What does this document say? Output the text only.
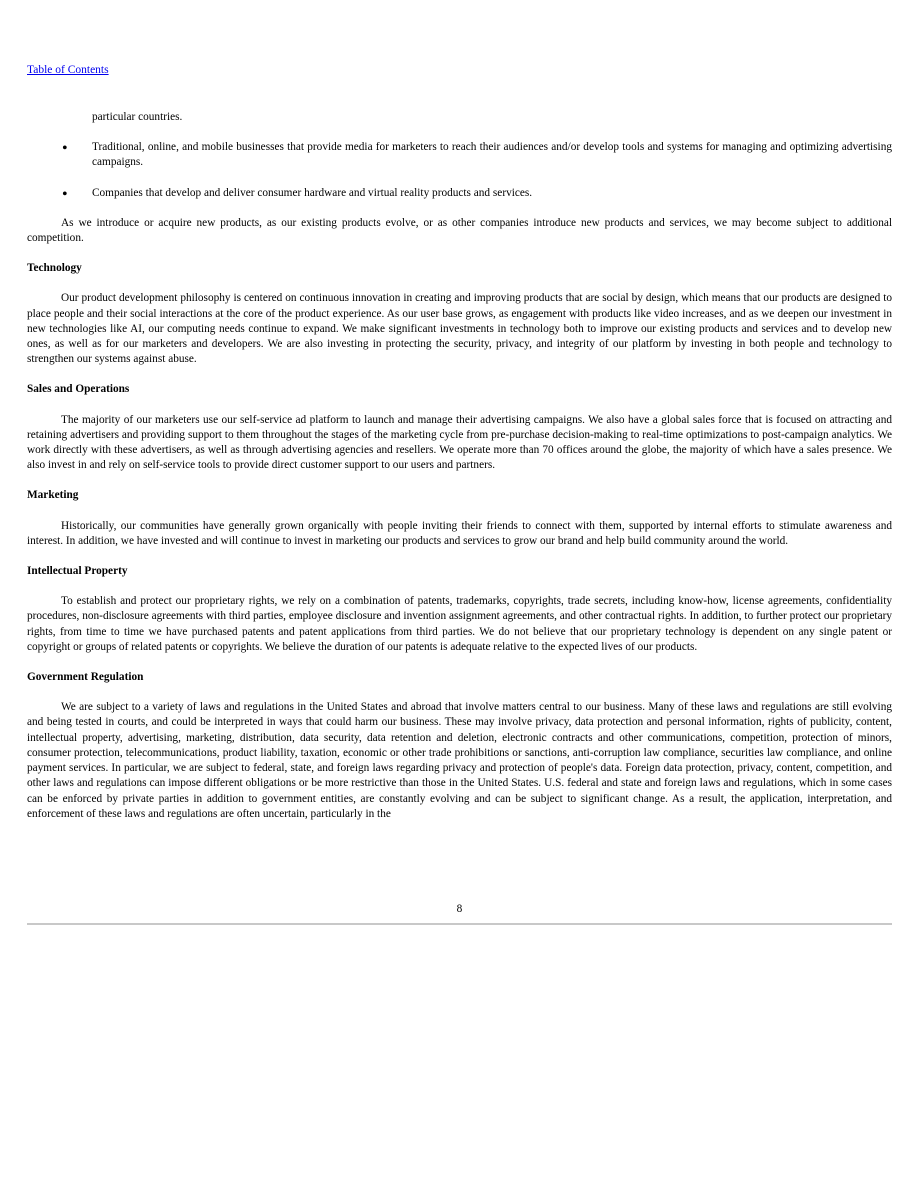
Table of Contents

particular countries.

• Traditional, online, and mobile businesses that provide media for marketers to reach their audiences and/or develop tools and systems for managing and optimizing advertising campaigns.

• Companies that develop and deliver consumer hardware and virtual reality products and services.

As we introduce or acquire new products, as our existing products evolve, or as other companies introduce new products and services, we may become subject to additional competition.

Technology

Our product development philosophy is centered on continuous innovation in creating and improving products that are social by design, which means that our products are designed to place people and their social interactions at the core of the product experience. As our user base grows, as engagement with products like video increases, and as we deepen our investment in new technologies like AI, our computing needs continue to expand. We make significant investments in technology both to improve our existing products and services and to develop new ones, as well as for our marketers and developers. We are also investing in protecting the security, privacy, and integrity of our platform by investing in both people and technology to strengthen our systems against abuse.

Sales and Operations

The majority of our marketers use our self-service ad platform to launch and manage their advertising campaigns. We also have a global sales force that is focused on attracting and retaining advertisers and providing support to them throughout the stages of the marketing cycle from pre-purchase decision-making to real-time optimizations to post-campaign analytics. We work directly with these advertisers, as well as through advertising agencies and resellers. We operate more than 70 offices around the globe, the majority of which have a sales presence. We also invest in and rely on self-service tools to provide direct customer support to our users and partners.

Marketing

Historically, our communities have generally grown organically with people inviting their friends to connect with them, supported by internal efforts to stimulate awareness and interest. In addition, we have invested and will continue to invest in marketing our products and services to grow our brand and help build community around the world.

Intellectual Property

To establish and protect our proprietary rights, we rely on a combination of patents, trademarks, copyrights, trade secrets, including know-how, license agreements, confidentiality procedures, non-disclosure agreements with third parties, employee disclosure and invention assignment agreements, and other contractual rights. In addition, to further protect our proprietary rights, from time to time we have purchased patents and patent applications from third parties. We do not believe that our proprietary technology is dependent on any single patent or copyright or groups of related patents or copyrights. We believe the duration of our patents is adequate relative to the expected lives of our products.

Government Regulation

We are subject to a variety of laws and regulations in the United States and abroad that involve matters central to our business. Many of these laws and regulations are still evolving and being tested in courts, and could be interpreted in ways that could harm our business. These may involve privacy, data protection and personal information, rights of publicity, content, intellectual property, advertising, marketing, distribution, data security, data retention and deletion, electronic contracts and other communications, competition, protection of minors, consumer protection, telecommunications, product liability, taxation, economic or other trade prohibitions or sanctions, anti-corruption law compliance, securities law compliance, and online payment services. In particular, we are subject to federal, state, and foreign laws regarding privacy and protection of people's data. Foreign data protection, privacy, content, competition, and other laws and regulations can impose different obligations or be more restrictive than those in the United States. U.S. federal and state and foreign laws and regulations, which in some cases can be enforced by private parties in addition to government entities, are constantly evolving and can be subject to significant change. As a result, the application, interpretation, and enforcement of these laws and regulations are often uncertain, particularly in the

8
